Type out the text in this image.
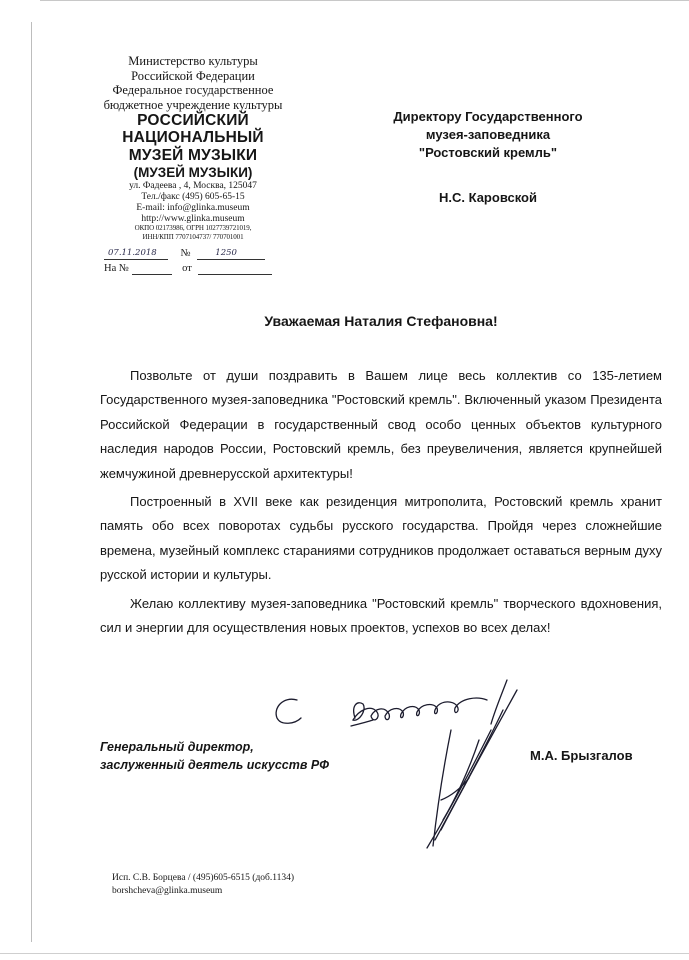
Министерство культуры
Российской Федерации
Федеральное государственное
бюджетное учреждение культуры
РОССИЙСКИЙ
НАЦИОНАЛЬНЫЙ
МУЗЕЙ МУЗЫКИ
(МУЗЕЙ МУЗЫКИ)
ул. Фадеева , 4, Москва, 125047
Тел./факс (495) 605-65-15
E-mail: info@glinka.museum
http://www.glinka.museum
ОКПО 02173986, ОГРН 1027739721019,
ИНН/КПП 7707104737/ 770701001
07.11.2018 №	1250
На №	от
Директору Государственного
музея-заповедника
"Ростовский кремль"
Н.С. Каровской
Уважаемая Наталия Стефановна!

Позвольте от души поздравить в Вашем лице весь коллектив со 135-летием Государственного музея-заповедника "Ростовский кремль". Включенный указом Президента Российской Федерации в государственный свод особо ценных объектов культурного наследия народов России, Ростовский кремль, без преувеличения, является крупнейшей жемчужиной древнерусской архитектуры!

Построенный в XVII веке как резиденция митрополита, Ростовский кремль хранит память обо всех поворотах судьбы русского государства. Пройдя через сложнейшие времена, музейный комплекс стараниями сотрудников продолжает оставаться верным духу русской истории и культуры.

Желаю коллективу музея-заповедника "Ростовский кремль" творческого вдохновения, сил и энергии для осуществления новых проектов, успехов во всех делах!

Генеральный директор,
заслуженный деятель искусств РФ
М.А. Брызгалов
Исп. С.В. Борцева / (495)605-6515 (доб.1134)
borshcheva@glinka.museum
